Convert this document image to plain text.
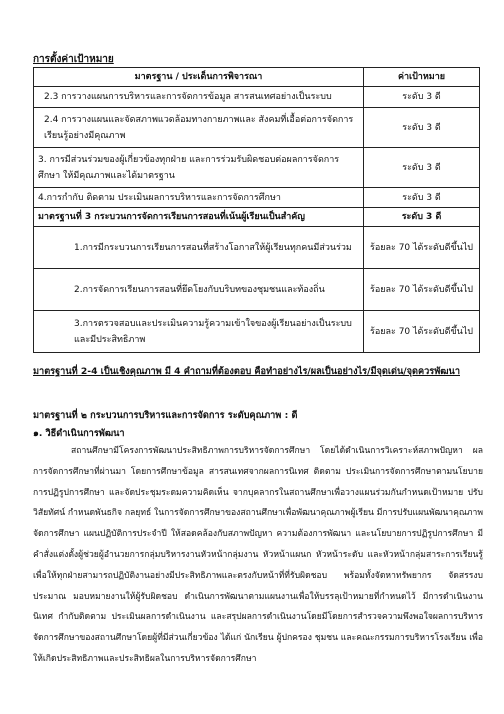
การตั้งค่าเป้าหมาย
มาตรฐาน / ประเด็นการพิจารณา	ค่าเป้าหมาย
2.3 การวางแผนการบริหารและการจัดการข้อมูล สารสนเทศอย่างเป็นระบบ	ระดับ 3 ดี
2.4 การวางแผนและจัดสภาพแวดล้อมทางกายภาพและ สังคมที่เอื้อต่อการจัดการเรียนรู้อย่างมีคุณภาพ	ระดับ 3 ดี
3. การมีส่วนร่วมของผู้เกี่ยวข้องทุกฝ่าย และการร่วมรับผิดชอบต่อผลการจัดการศึกษา ให้มีคุณภาพและได้มาตรฐาน	ระดับ 3 ดี
4.การกำกับ ติดตาม ประเมินผลการบริหารและการจัดการศึกษา	ระดับ 3 ดี
มาตรฐานที่ 3 กระบวนการจัดการเรียนการสอนที่เน้นผู้เรียนเป็นสำคัญ	ระดับ 3 ดี
1.การมีกระบวนการเรียนการสอนที่สร้างโอกาสให้ผู้เรียนทุกคนมีส่วนร่วม	ร้อยละ 70 ได้ระดับดีขึ้นไป
2.การจัดการเรียนการสอนที่ยึดโยงกับบริบทของชุมชนและท้องถิ่น	ร้อยละ 70 ได้ระดับดีขึ้นไป
3.การตรวจสอบและประเมินความรู้ความเข้าใจของผู้เรียนอย่างเป็นระบบและมีประสิทธิภาพ	ร้อยละ 70 ได้ระดับดีขึ้นไป
มาตรฐานที่ 2-4 เป็นเชิงคุณภาพ มี 4 คำถามที่ต้องตอบ คือทำอย่างไร/ผลเป็นอย่างไร/มีจุดเด่น/จุดควรพัฒนา
มาตรฐานที่ ๒ กระบวนการบริหารและการจัดการ ระดับคุณภาพ : ดี
๑. วิธีดำเนินการพัฒนา

สถานศึกษามีโครงการพัฒนาประสิทธิภาพการบริหารจัดการศึกษา โดยได้ดำเนินการวิเคราะห์สภาพปัญหา ผลการจัดการศึกษาที่ผ่านมา โดยการศึกษาข้อมูล สารสนเทศจากผลการนิเทศ ติดตาม ประเมินการจัดการศึกษาตามนโยบายการปฏิรูปการศึกษา และจัดประชุมระดมความคิดเห็น จากบุคลากรในสถานศึกษาเพื่อวางแผนร่วมกันกำหนดเป้าหมาย ปรับวิสัยทัศน์ กำหนดพันธกิจ กลยุทธ์ ในการจัดการศึกษาของสถานศึกษาเพื่อพัฒนาคุณภาพผู้เรียน มีการปรับแผนพัฒนาคุณภาพจัดการศึกษา แผนปฏิบัติการประจำปี ให้สอดคล้องกับสภาพปัญหา ความต้องการพัฒนา และนโยบายการปฏิรูปการศึกษา มีคำสั่งแต่งตั้งผู้ช่วยผู้อำนวยการกลุ่มบริหารงานหัวหน้ากลุ่มงาน หัวหน้าแผนก หัวหน้าระดับ และหัวหน้ากลุ่มสาระการเรียนรู้ เพื่อให้ทุกฝ่ายสามารถปฏิบัติงานอย่างมีประสิทธิภาพและตรงกับหน้าที่ที่รับผิดชอบ พร้อมทั้งจัดหาทรัพยากร จัดสรรงบประมาณ มอบหมายงานให้ผู้รับผิดชอบ ดำเนินการพัฒนาตามแผนงานเพื่อให้บรรลุเป้าหมายที่กำหนดไว้ มีการดำเนินงานนิเทศ กำกับติดตาม ประเมินผลการดำเนินงาน และสรุปผลการดำเนินงานโดยมีโดยการสำรวจความพึงพอใจผลการบริหารจัดการศึกษาของสถานศึกษาโดยผู้ที่มีส่วนเกี่ยวข้อง ได้แก่ นักเรียน ผู้ปกครอง ชุมชน และคณะกรรมการบริหารโรงเรียน เพื่อให้เกิดประสิทธิภาพและประสิทธิผลในการบริหารจัดการศึกษา
